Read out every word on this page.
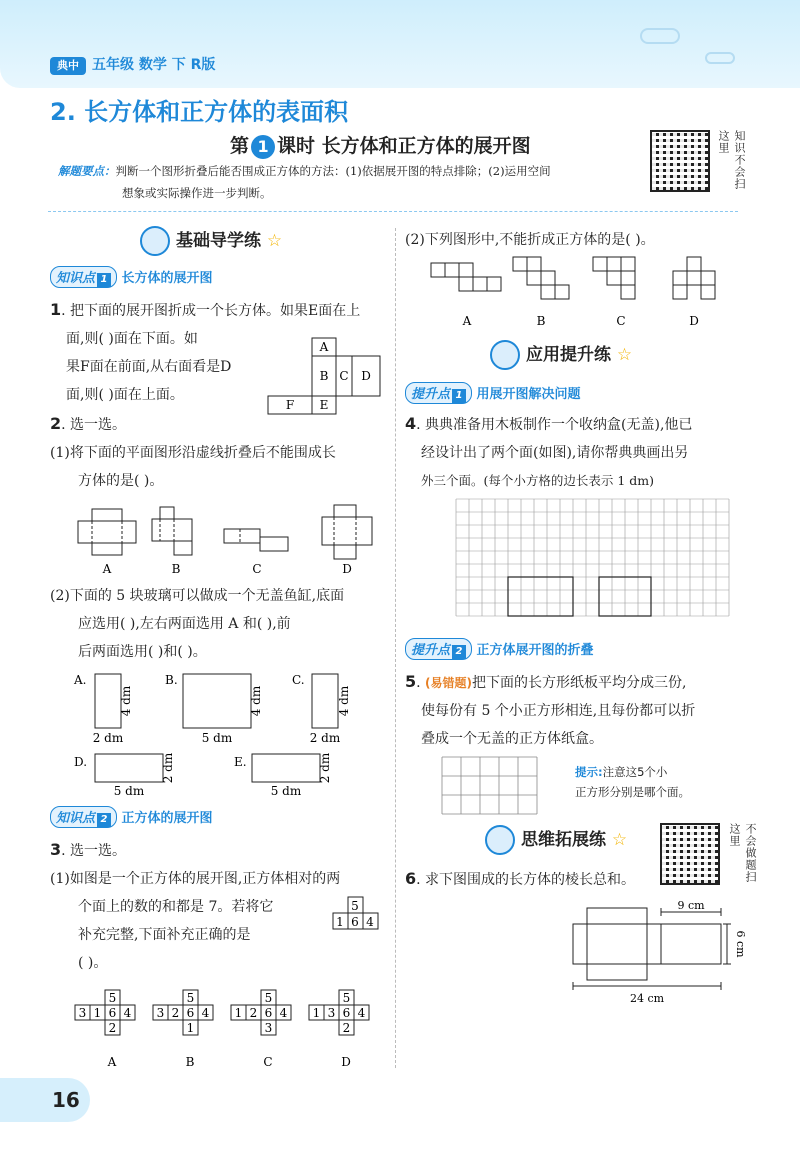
典中 五年级 数学 下 R版
2. 长方体和正方体的表面积
第 1 课时 长方体和正方体的展开图
解题要点：判断一个图形折叠后能否围成正方体的方法：(1)依据展开图的特点排除；(2)运用空间
想象或实际操作进一步判断。
知识不会扫这里
基础导学练 ☆
知识点 1 长方体的展开图
1. 把下面的展开图折成一个长方体。如果E面在上
面,则( )面在下面。如
果F面在前面,从右面看是D
面,则( )面在上面。
A
B C D
F E
2. 选一选。
(1)将下面的平面图形沿虚线折叠后不能围成长
方体的是( )。
A	B	C	D
(2)下面的 5 块玻璃可以做成一个无盖鱼缸,底面
应选用( ),左右两面选用 A 和( ),前
后两面选用( )和( )。
A.
2 dm
4 dm
B.
5 dm
4 dm
C.
2 dm
4 dm
D.
5 dm
2 dm	E.
5 dm
2 dm
知识点 2 正方体的展开图
3. 选一选。
(1)如图是一个正方体的展开图,正方体相对的两
个面上的数的和都是 7。若将它
补充完整,下面补充正确的是
( )。
5
1 6 4
5
3 1 6 4
2
A
5
3 2 6 4
1
B
5
1 2 6 4
3
C
5
1 3 6 4
2
D
(2)下列图形中,不能折成正方体的是( )。
A	B	C	D
应用提升练 ☆
提升点 1 用展开图解决问题
4. 典典准备用木板制作一个收纳盒(无盖),他已
经设计出了两个面(如图),请你帮典典画出另
外三个面。(每个小方格的边长表示 1 dm)
提升点 2 正方体展开图的折叠
5. (易错题)把下面的长方形纸板平均分成三份,
使每份有 5 个小正方形相连,且每份都可以折
叠成一个无盖的正方体纸盒。
提示:注意这5个小
正方形分别是哪个面。
思维拓展练 ☆	不会做题扫这里
6. 求下图围成的长方体的棱长总和。
9 cm
6 cm
24 cm
16
